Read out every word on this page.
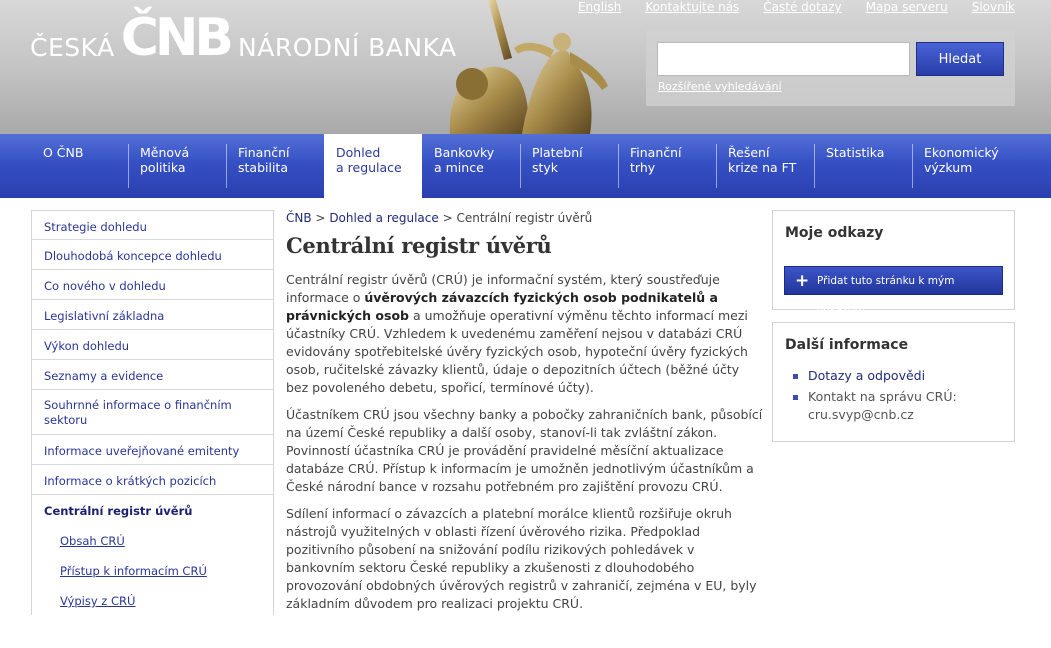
ČESKÁ ČNB NÁRODNÍ BANKA
English Kontaktujte nás Časté dotazy Mapa serveru Slovník
Hledat
Rozšířené vyhledávání
O ČNB	Měnová
politika
Finanční
stabilita
Dohled
a regulace
Bankovky
a mince
Platební
styk
Finanční
trhy
Řešení
krize na FT
Statistika	Ekonomický
výzkum
Strategie dohledu
Dlouhodobá koncepce dohledu
Co nového v dohledu
Legislativní základna
Výkon dohledu
Seznamy a evidence
Souhrnné informace o finančním sektoru
Informace uveřejňované emitenty
Informace o krátkých pozicích
Centrální registr úvěrů
Obsah CRÚ
Přístup k informacím CRÚ
Výpisy z CRÚ
ČNB > Dohled a regulace > Centrální registr úvěrů
Centrální registr úvěrů

Centrální registr úvěrů (CRÚ) je informační systém, který soustřeďuje informace o úvěrových závazcích fyzických osob podnikatelů a právnických osob a umožňuje operativní výměnu těchto informací mezi účastníky CRÚ. Vzhledem k uvedenému zaměření nejsou v databázi CRÚ evidovány spotřebitelské úvěry fyzických osob, hypoteční úvěry fyzických osob, ručitelské závazky klientů, údaje o depozitních účtech (běžné účty bez povoleného debetu, spořicí, termínové účty).

Účastníkem CRÚ jsou všechny banky a pobočky zahraničních bank, působící na území České republiky a další osoby, stanoví-li tak zvláštní zákon. Povinností účastníka CRÚ je provádění pravidelné měsíční aktualizace databáze CRÚ. Přístup k informacím je umožněn jednotlivým účastníkům a České národní bance v rozsahu potřebném pro zajištění provozu CRÚ.

Sdílení informací o závazcích a platební morálce klientů rozšiřuje okruh nástrojů využitelných v oblasti řízení úvěrového rizika. Předpoklad pozitivního působení na snižování podílu rizikových pohledávek v bankovním sektoru České republiky a zkušenosti z dlouhodobého provozování obdobných úvěrových registrů v zahraničí, zejména v EU, byly základním důvodem pro realizaci projektu CRÚ.

Moje odkazy
+ Přidat tuto stránku k mým odkazům
Další informace
Dotazy a odpovědi
Kontakt na správu CRÚ: cru.svyp@cnb.cz
